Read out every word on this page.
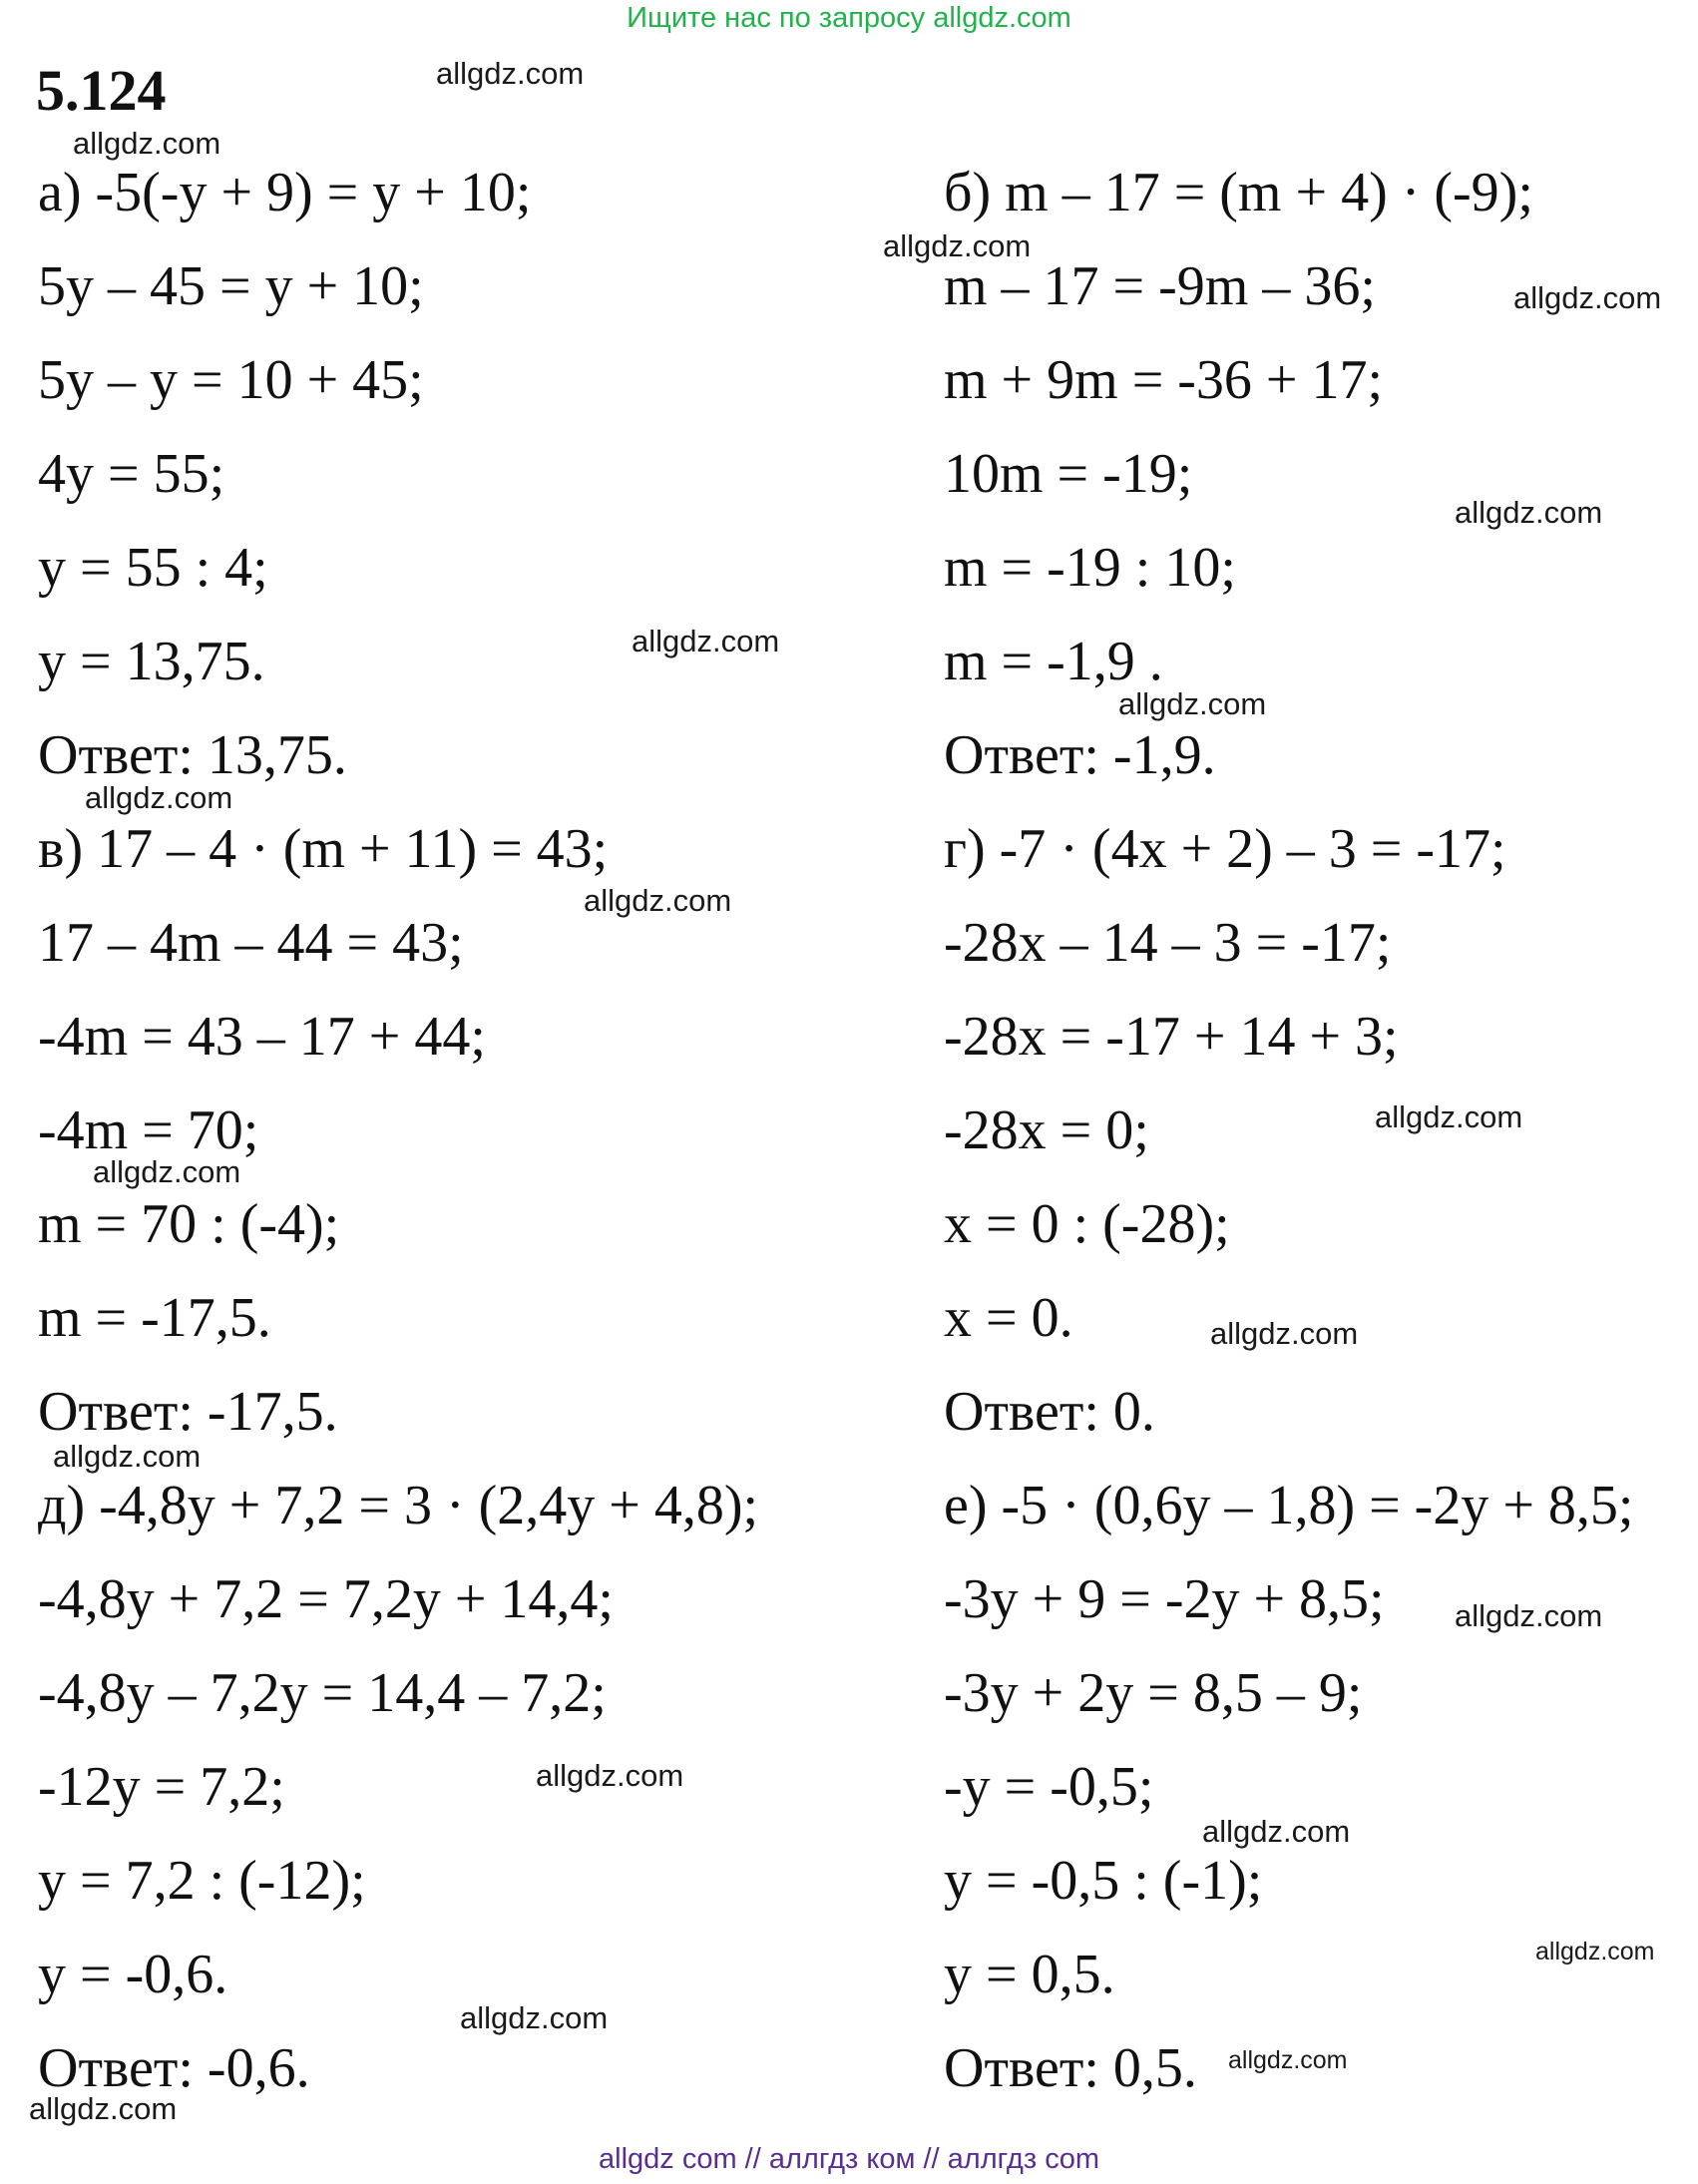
Ищите нас по запросу allgdz.com
5.124
а) -5(-y + 9) = y + 10;
5y – 45 = y + 10;
5y – y = 10 + 45;
4y = 55;
y = 55 : 4;
y = 13,75.
Ответ: 13,75.
в) 17 – 4 · (m + 11) = 43;
17 – 4m – 44 = 43;
-4m = 43 – 17 + 44;
-4m = 70;
m = 70 : (-4);
m = -17,5.
Ответ: -17,5.
д) -4,8y + 7,2 = 3 · (2,4y + 4,8);
-4,8y + 7,2 = 7,2y + 14,4;
-4,8y – 7,2y = 14,4 – 7,2;
-12y = 7,2;
y = 7,2 : (-12);
y = -0,6.
Ответ: -0,6.
б) m – 17 = (m + 4) · (-9);
m – 17 = -9m – 36;
m + 9m = -36 + 17;
10m = -19;
m = -19 : 10;
m = -1,9 .
Ответ: -1,9.
г) -7 · (4x + 2) – 3 = -17;
-28x – 14 – 3 = -17;
-28x = -17 + 14 + 3;
-28x = 0;
x = 0 : (-28);
x = 0.
Ответ: 0.
е) -5 · (0,6y – 1,8) = -2y + 8,5;
-3y + 9 = -2y + 8,5;
-3y + 2y = 8,5 – 9;
-y = -0,5;
y = -0,5 : (-1);
y = 0,5.
Ответ: 0,5.
allgdz.com
allgdz.com
allgdz.com
allgdz.com
allgdz.com
allgdz.com
allgdz.com
allgdz.com
allgdz.com
allgdz.com
allgdz.com
allgdz.com
allgdz.com
allgdz.com
allgdz.com
allgdz.com
allgdz.com
allgdz.com
allgdz.com
allgdz.com
allgdz com // аллгдз ком // аллгдз com
